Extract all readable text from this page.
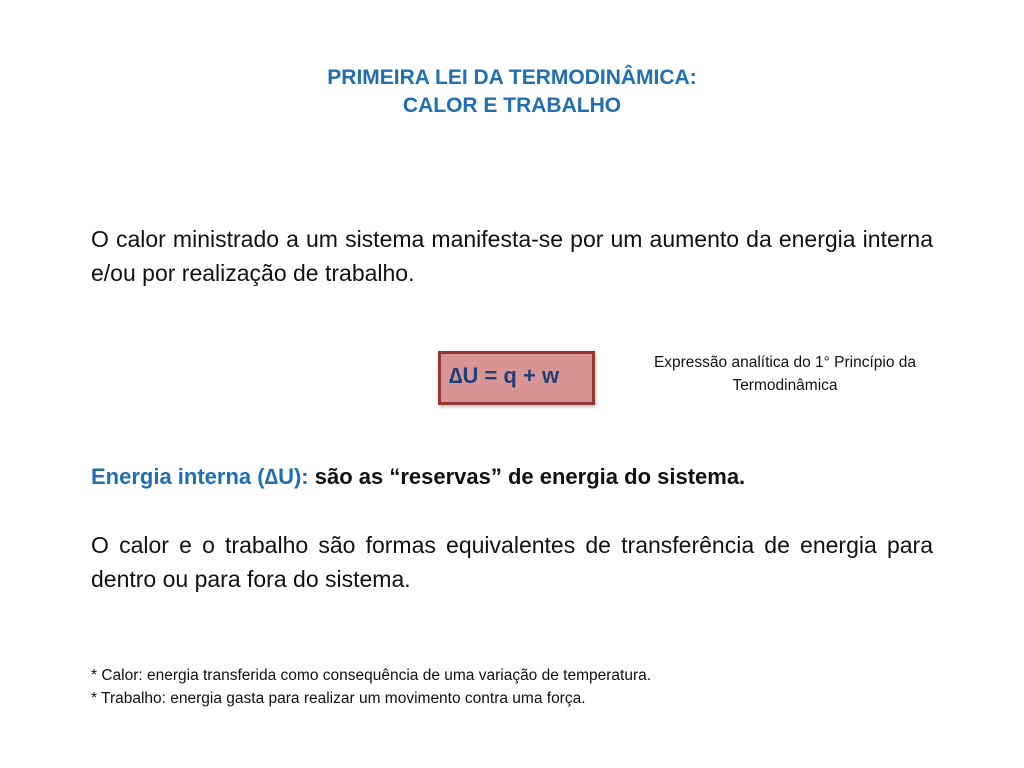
PRIMEIRA LEI DA TERMODINÂMICA:
CALOR E TRABALHO
O calor ministrado a um sistema manifesta-se por um aumento da energia interna e/ou por realização de trabalho.
∆U = q + w
Expressão analítica do 1° Princípio da Termodinâmica
Energia interna (∆U): são as “reservas” de energia do sistema.
O calor e o trabalho são formas equivalentes de transferência de energia para dentro ou para fora do sistema.
* Calor: energia transferida como consequência de uma variação de temperatura.
* Trabalho: energia gasta para realizar um movimento contra uma força.
